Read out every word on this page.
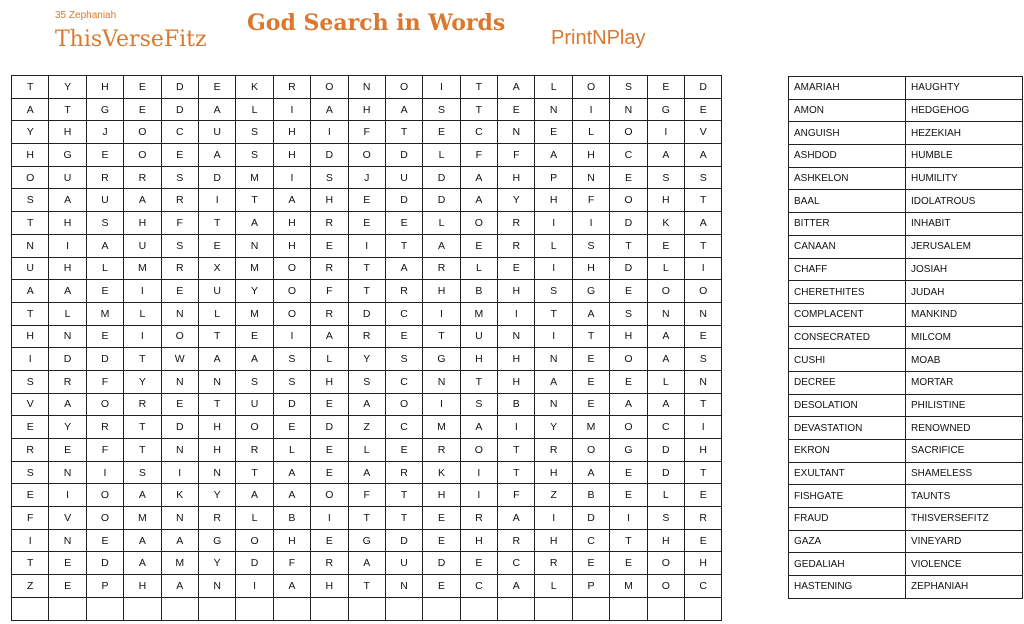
35 Zephaniah
ThisVerseFitz
God Search in Words
PrintNPlay
T	Y	H	E	D	E	K	R	O	N	O	I	T	A	L	O	S	E	D
A	T	G	E	D	A	L	I	A	H	A	S	T	E	N	I	N	G	E
Y	H	J	O	C	U	S	H	I	F	T	E	C	N	E	L	O	I	V
H	G	E	O	E	A	S	H	D	O	D	L	F	F	A	H	C	A	A
O	U	R	R	S	D	M	I	S	J	U	D	A	H	P	N	E	S	S
S	A	U	A	R	I	T	A	H	E	D	D	A	Y	H	F	O	H	T
T	H	S	H	F	T	A	H	R	E	E	L	O	R	I	I	D	K	A
N	I	A	U	S	E	N	H	E	I	T	A	E	R	L	S	T	E	T
U	H	L	M	R	X	M	O	R	T	A	R	L	E	I	H	D	L	I
A	A	E	I	E	U	Y	O	F	T	R	H	B	H	S	G	E	O	O
T	L	M	L	N	L	M	O	R	D	C	I	M	I	T	A	S	N	N
H	N	E	I	O	T	E	I	A	R	E	T	U	N	I	T	H	A	E
I	D	D	T	W	A	A	S	L	Y	S	G	H	H	N	E	O	A	S
S	R	F	Y	N	N	S	S	H	S	C	N	T	H	A	E	E	L	N
V	A	O	R	E	T	U	D	E	A	O	I	S	B	N	E	A	A	T
E	Y	R	T	D	H	O	E	D	Z	C	M	A	I	Y	M	O	C	I
R	E	F	T	N	H	R	L	E	L	E	R	O	T	R	O	G	D	H
S	N	I	S	I	N	T	A	E	A	R	K	I	T	H	A	E	D	T
E	I	O	A	K	Y	A	A	O	F	T	H	I	F	Z	B	E	L	E
F	V	O	M	N	R	L	B	I	T	T	E	R	A	I	D	I	S	R
I	N	E	A	A	G	O	H	E	G	D	E	H	R	H	C	T	H	E
T	E	D	A	M	Y	D	F	R	A	U	D	E	C	R	E	E	O	H
Z	E	P	H	A	N	I	A	H	T	N	E	C	A	L	P	M	O	C

AMARIAH	HAUGHTY
AMON	HEDGEHOG
ANGUISH	HEZEKIAH
ASHDOD	HUMBLE
ASHKELON	HUMILITY
BAAL	IDOLATROUS
BITTER	INHABIT
CANAAN	JERUSALEM
CHAFF	JOSIAH
CHERETHITES	JUDAH
COMPLACENT	MANKIND
CONSECRATED	MILCOM
CUSHI	MOAB
DECREE	MORTAR
DESOLATION	PHILISTINE
DEVASTATION	RENOWNED
EKRON	SACRIFICE
EXULTANT	SHAMELESS
FISHGATE	TAUNTS
FRAUD	THISVERSEFITZ
GAZA	VINEYARD
GEDALIAH	VIOLENCE
HASTENING	ZEPHANIAH
